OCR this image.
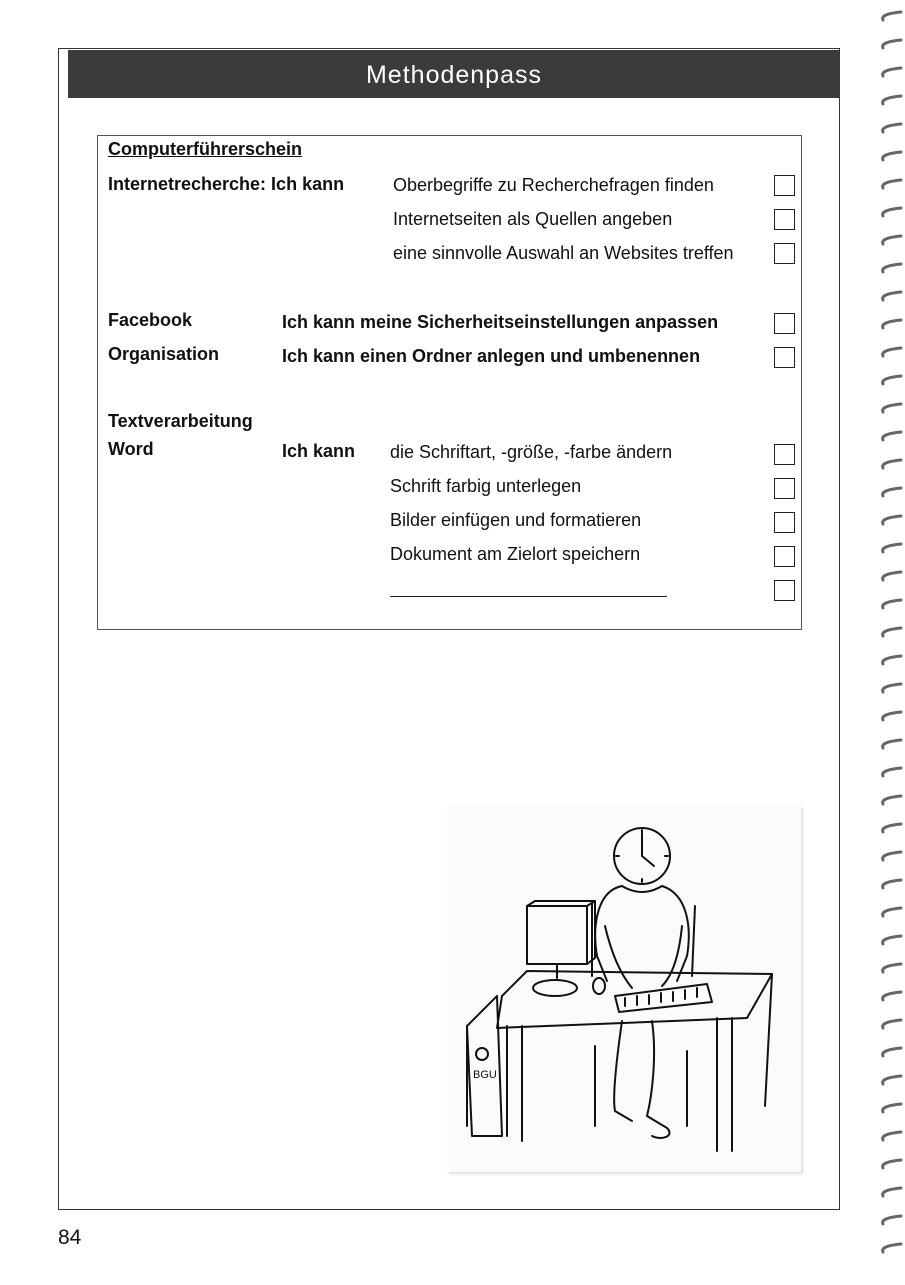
Methodenpass
Computerführerschein
Internetrecherche: Ich kann	Oberbegriffe zu Recherchefragen finden
Internetseiten als Quellen angeben
eine sinnvolle Auswahl an Websites treffen
Facebook	Ich kann meine Sicherheitseinstellungen anpassen
Organisation	Ich kann einen Ordner anlegen und umbenennen
Textverarbeitung
Word	Ich kann die Schriftart, -größe, -farbe ändern
Schrift farbig unterlegen
Bilder einfügen und formatieren
Dokument am Zielort speichern
BGU
84
